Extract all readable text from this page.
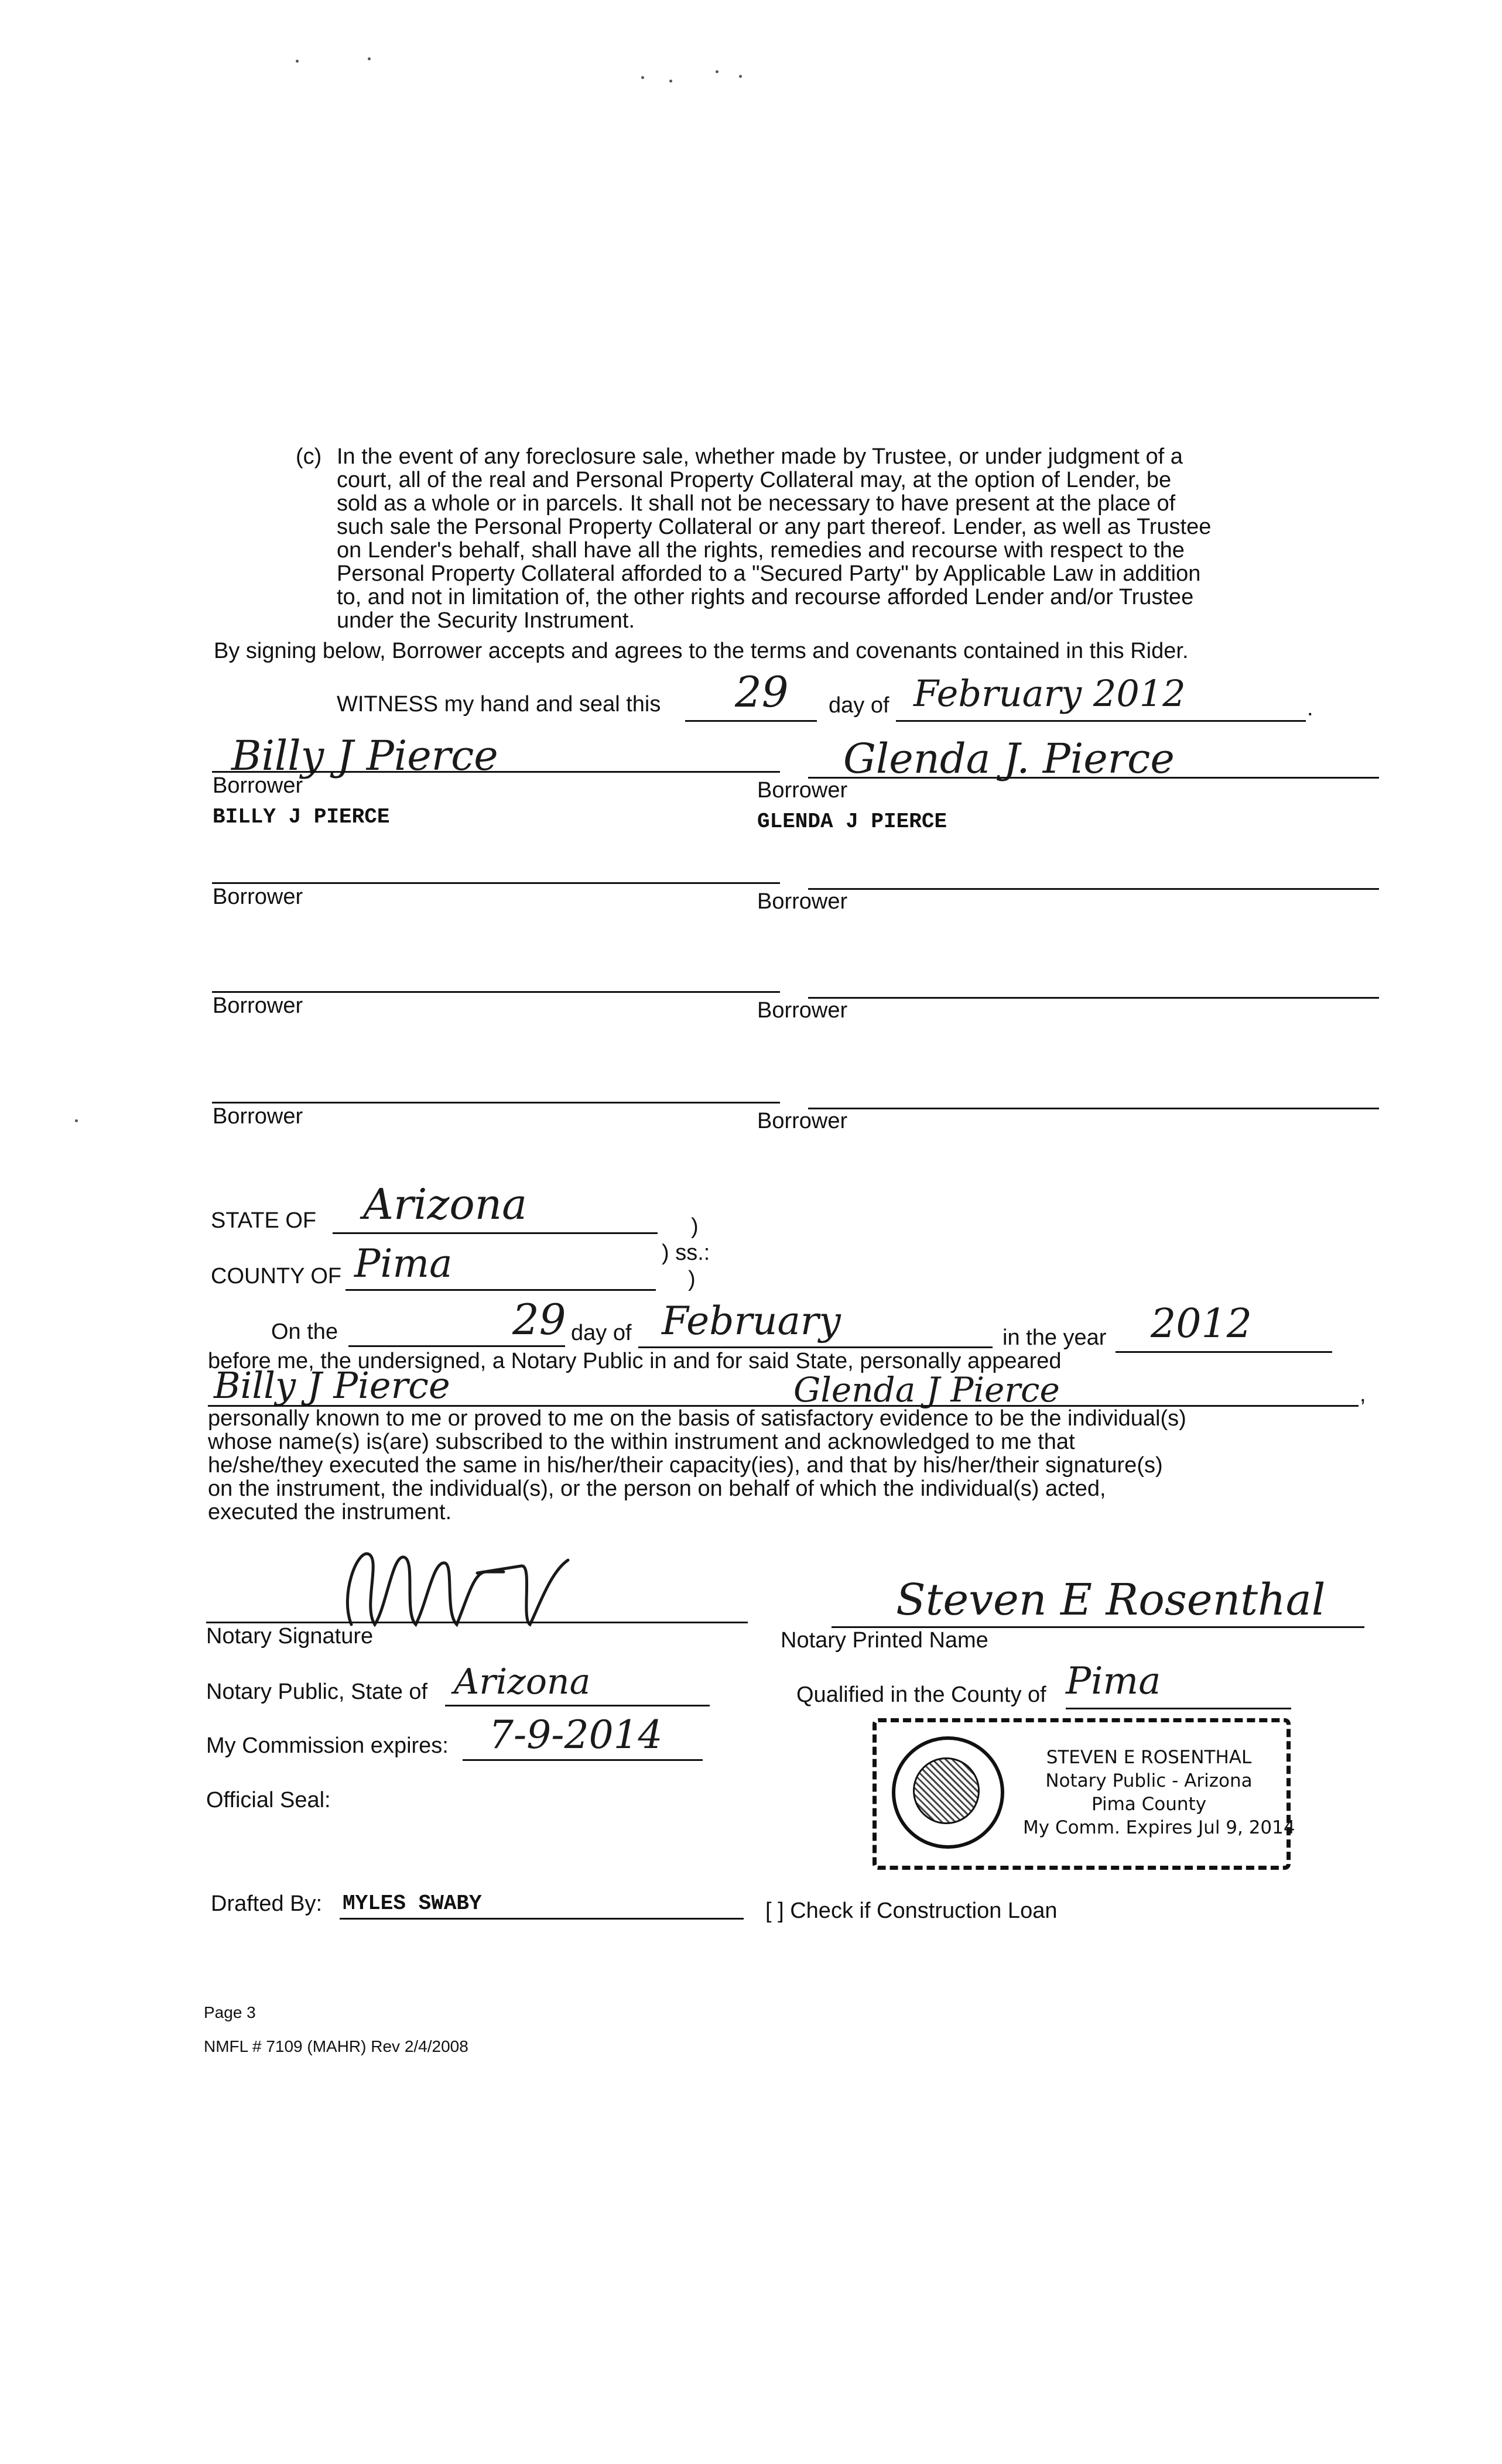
(c) In the event of any foreclosure sale, whether made by Trustee, or under judgment of a
court, all of the real and Personal Property Collateral may, at the option of Lender, be
sold as a whole or in parcels. It shall not be necessary to have present at the place of
such sale the Personal Property Collateral or any part thereof. Lender, as well as Trustee
on Lender's behalf, shall have all the rights, remedies and recourse with respect to the
Personal Property Collateral afforded to a "Secured Party" by Applicable Law in addition
to, and not in limitation of, the other rights and recourse afforded Lender and/or Trustee
under the Security Instrument.
By signing below, Borrower accepts and agrees to the terms and covenants contained in this Rider.
WITNESS my hand and seal this 29 day of February 2012	.
Billy J Pierce
Borrower
BILLY J PIERCE
Glenda J. Pierce
Borrower
GLENDA J PIERCE
Borrower	Borrower
Borrower	Borrower
Borrower	Borrower
STATE OF Arizona	)
) ss.:
COUNTY OF Pima	)
On the	29 day of February	in the year 2012
before me, the undersigned, a Notary Public in and for said State, personally appeared
Billy J Pierce	Glenda J Pierce	,
personally known to me or proved to me on the basis of satisfactory evidence to be the individual(s)
whose name(s) is(are) subscribed to the within instrument and acknowledged to me that
he/she/they executed the same in his/her/their capacity(ies), and that by his/her/their signature(s)
on the instrument, the individual(s), or the person on behalf of which the individual(s) acted,
executed the instrument.
Notary Signature
Steven E Rosenthal
Notary Printed Name
Notary Public, State of Arizona	Qualified in the County of Pima
My Commission expires: 7-9-2014
Official Seal:
STEVEN E ROSENTHAL
Notary Public - Arizona
Pima County
My Comm. Expires Jul 9, 2014
Drafted By: MYLES SWABY	[ ] Check if Construction Loan
Page 3
NMFL # 7109 (MAHR) Rev 2/4/2008
